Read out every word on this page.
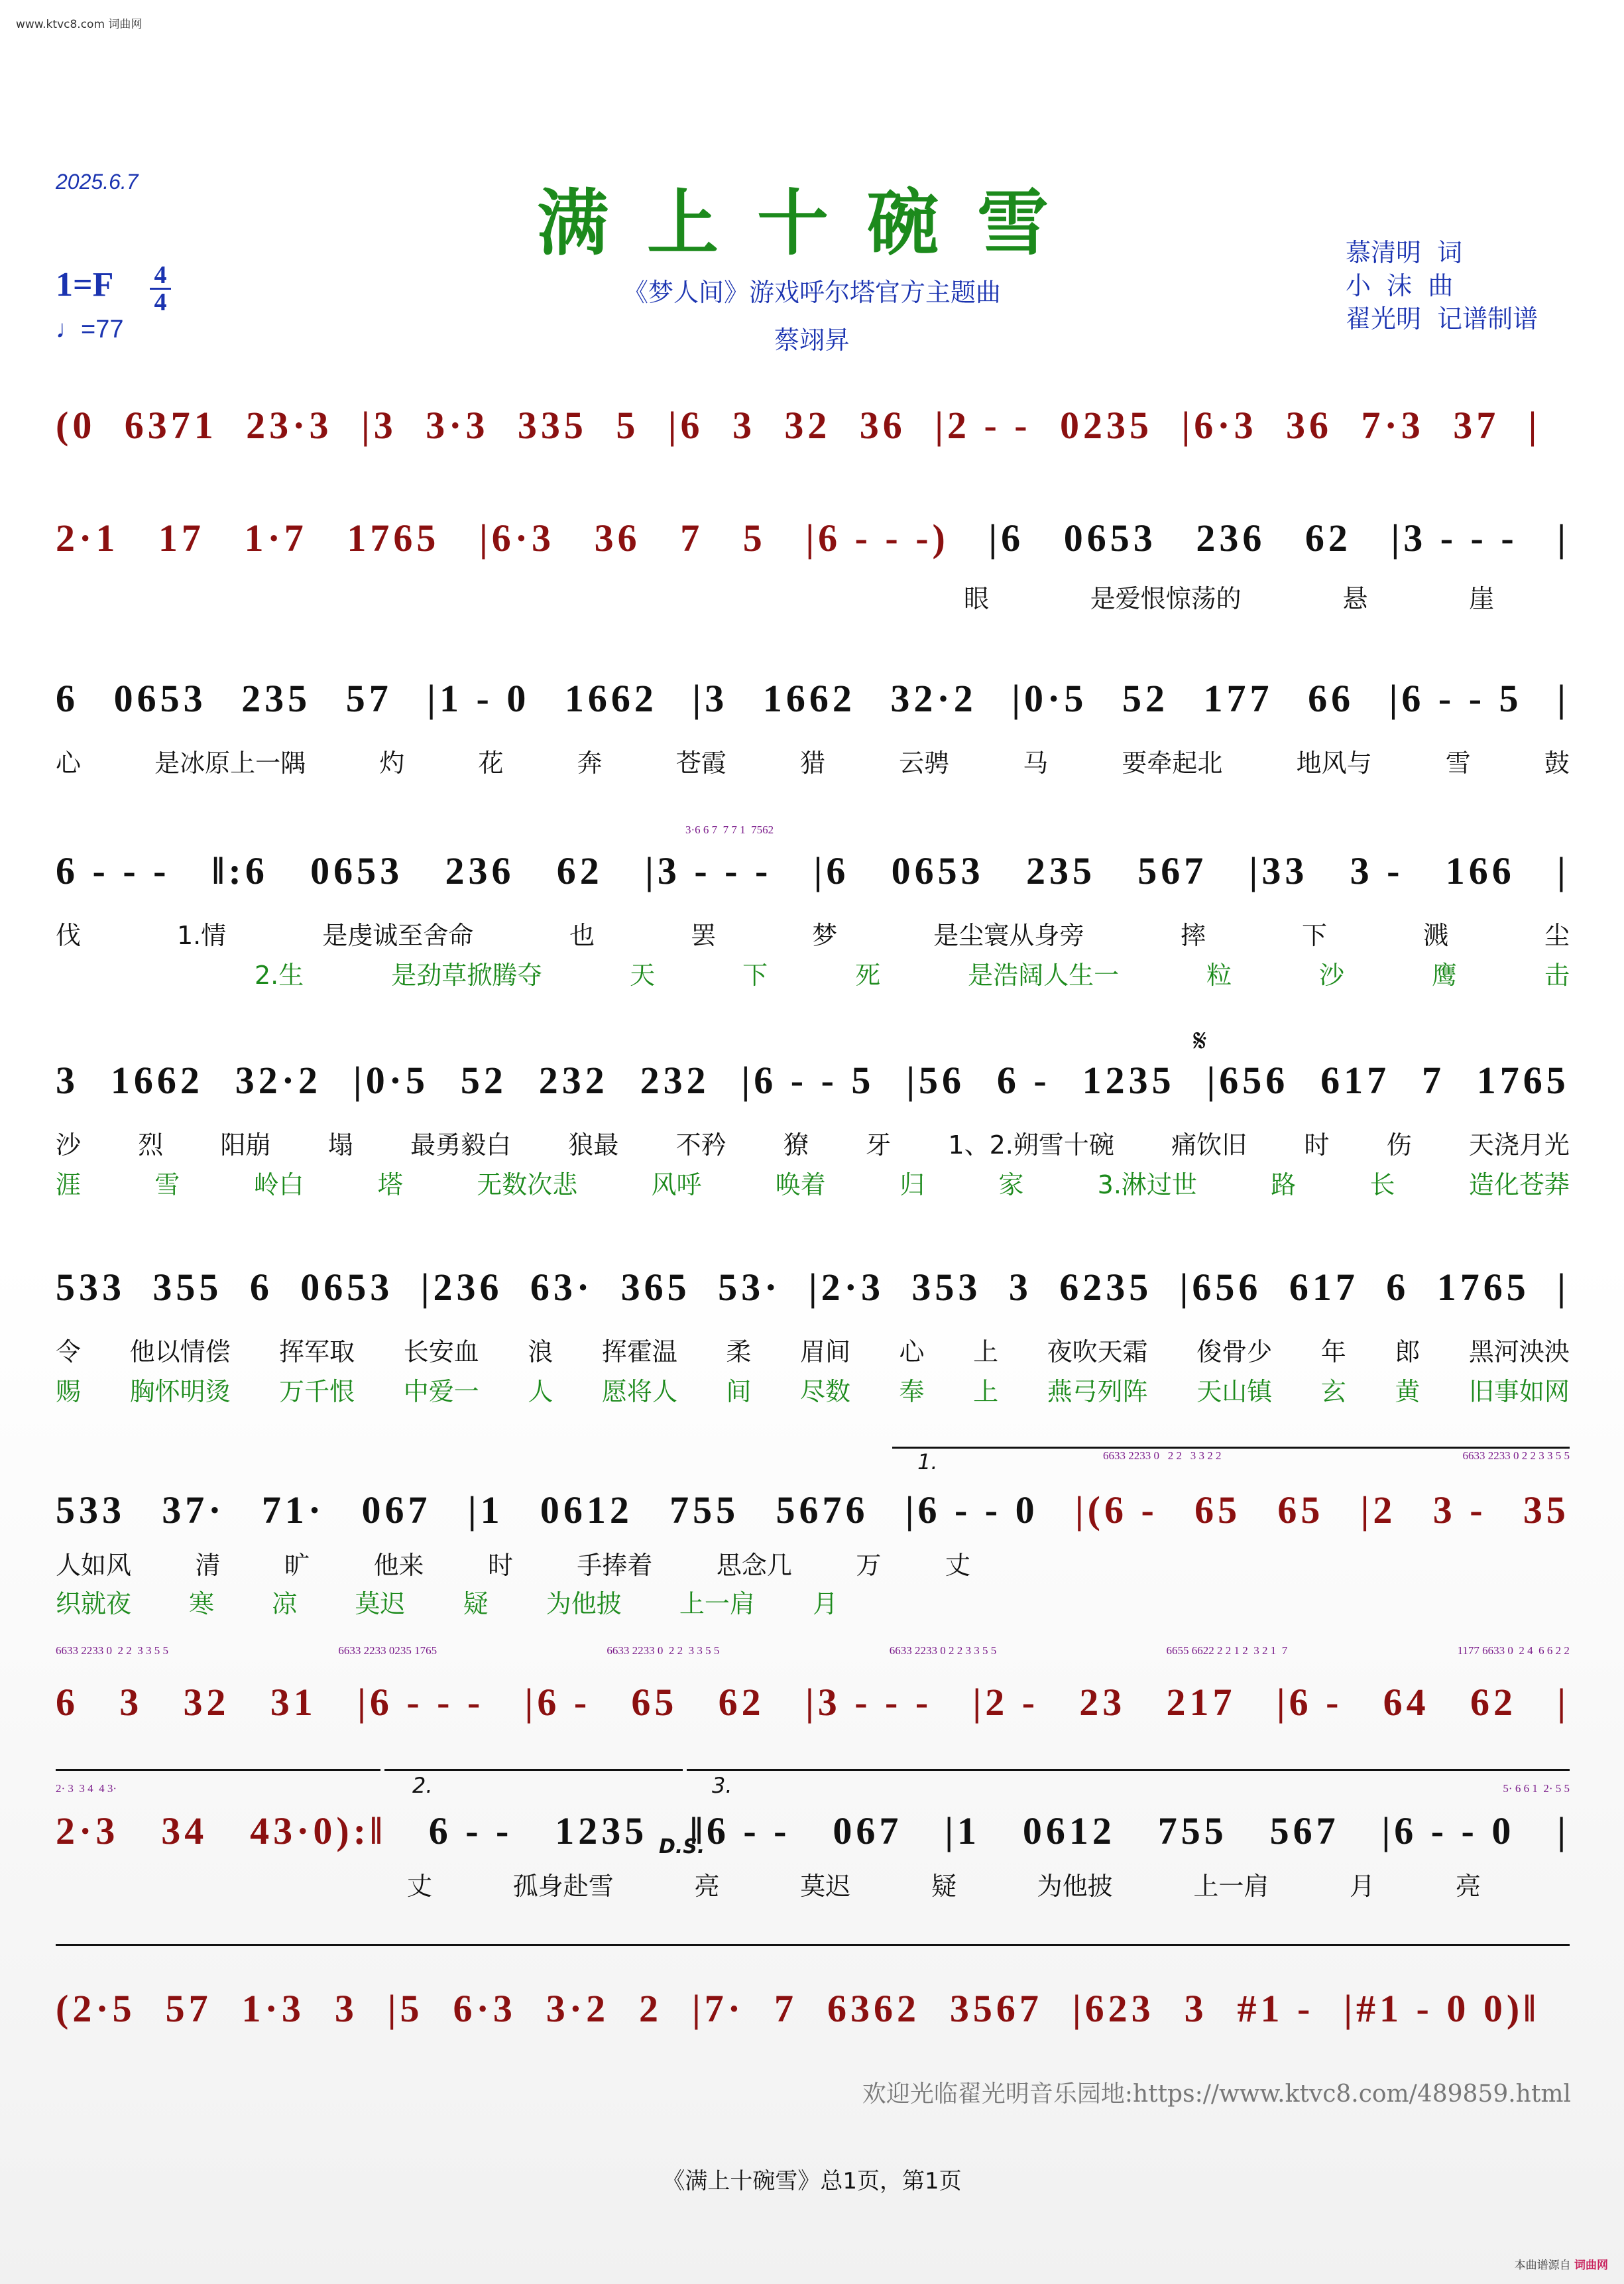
www.ktvc8.com 词曲网
2025.6.7	满上十碗雪
1=F 4
4
♩=77
《梦人间》游戏呼尔塔官方主题曲
蔡翊昇
慕清明  词
小  沫  曲
翟光明  记谱制谱
(0 6371 23·3 |3 3·3 335 5 |6 3 32 36 |2 - - 0235 |6·3 36 7·3 37 |
2·1 17 1·7 1765 |6·3 36 7 5 |6 - - -) |6 0653 236 62 |3 - - - |
眼	是爱恨惊荡的	悬	崖
6 0653 235 57 |1 - 0 1662 |3 1662 32·2 |0·5 52 177 66 |6 - - 5 |
心	是冰原上一隅	灼	花	奔	苍霞	猎	云骋	马	要牵起北	地风与	雪	鼓
3·6 6 7  7 7 1  7562
6 - - - ‖:6 0653 236 62 |3 - - - |6 0653 235 567 |33 3 - 166 |
伐	1.情	是虔诚至舍命	也	罢	梦	是尘寰从身旁	摔	下	溅	尘
2.生	是劲草掀腾夺	天	下	死	是浩阔人生一	粒	沙	鹰	击
𝄋
3 1662 32·2 |0·5 52 232 232 |6 - - 5 |56 6 - 1235 |656 617 7 1765
沙 烈 阳崩 塌 最勇毅白 狼最 不矜 獠 牙 1、2.朔雪十碗 痛饮旧 时 伤 天浇月光
涯	雪	岭白	塔	无数次悲	风呼	唤着	归	家	3.淋过世	路	长	造化苍莽
533 355 6 0653 |236 63· 365 53· |2·3 353 3 6235 |656 617 6 1765 |
令 他以情偿 挥军取 长安血 浪 挥霍温 柔 眉间 心 上 夜吹天霜 俊骨少 年 郎 黑河泱泱
赐 胸怀明烫 万千恨 中爱一 人 愿将人 间 尽数 奉 上 燕弓列阵 天山镇 玄 黄 旧事如网
1.	6633 2233 0   2 2   3 3 2 2	6633 2233 0 2 2 3 3 5 5
533 37· 71· 067 |1 0612 755 5676 |6 - - 0 |(6 - 65 65 |2 3 - 35
人如风	清	旷	他来	时	手捧着	思念几	万	丈
织就夜 寒 凉 莫迟 疑 为他披 上一肩 月
6633 2233 0  2 2  3 3 5 5	6633 2233 0235 1765	6633 2233 0  2 2  3 3 5 5	6633 2233 0 2 2 3 3 5 5	6655 6622 2 2 1 2  3 2 1  7	1177 6633 0  2 4  6 6 2 2
6 3 32 31 |6 - - - |6 - 65 62 |3 - - - |2 - 23 217 |6 - 64 62 |
2.	3.
D.S.
2· 3  3 4  4 3·	5· 6 6 1  2· 5 5
2·3 34 43·0):‖ 6 - - 1235 ‖6 - - 067 |1 0612 755 567 |6 - - 0 |
丈	孤身赴雪	亮	莫迟	疑	为他披	上一肩	月	亮
(2·5 57 1·3 3 |5 6·3 3·2 2 |7· 7 6362 3567 |623 3 #1 - |#1 - 0 0)‖
欢迎光临翟光明音乐园地:https://www.ktvc8.com/489859.html
《满上十碗雪》总1页，第1页
本曲谱源自 词曲网
